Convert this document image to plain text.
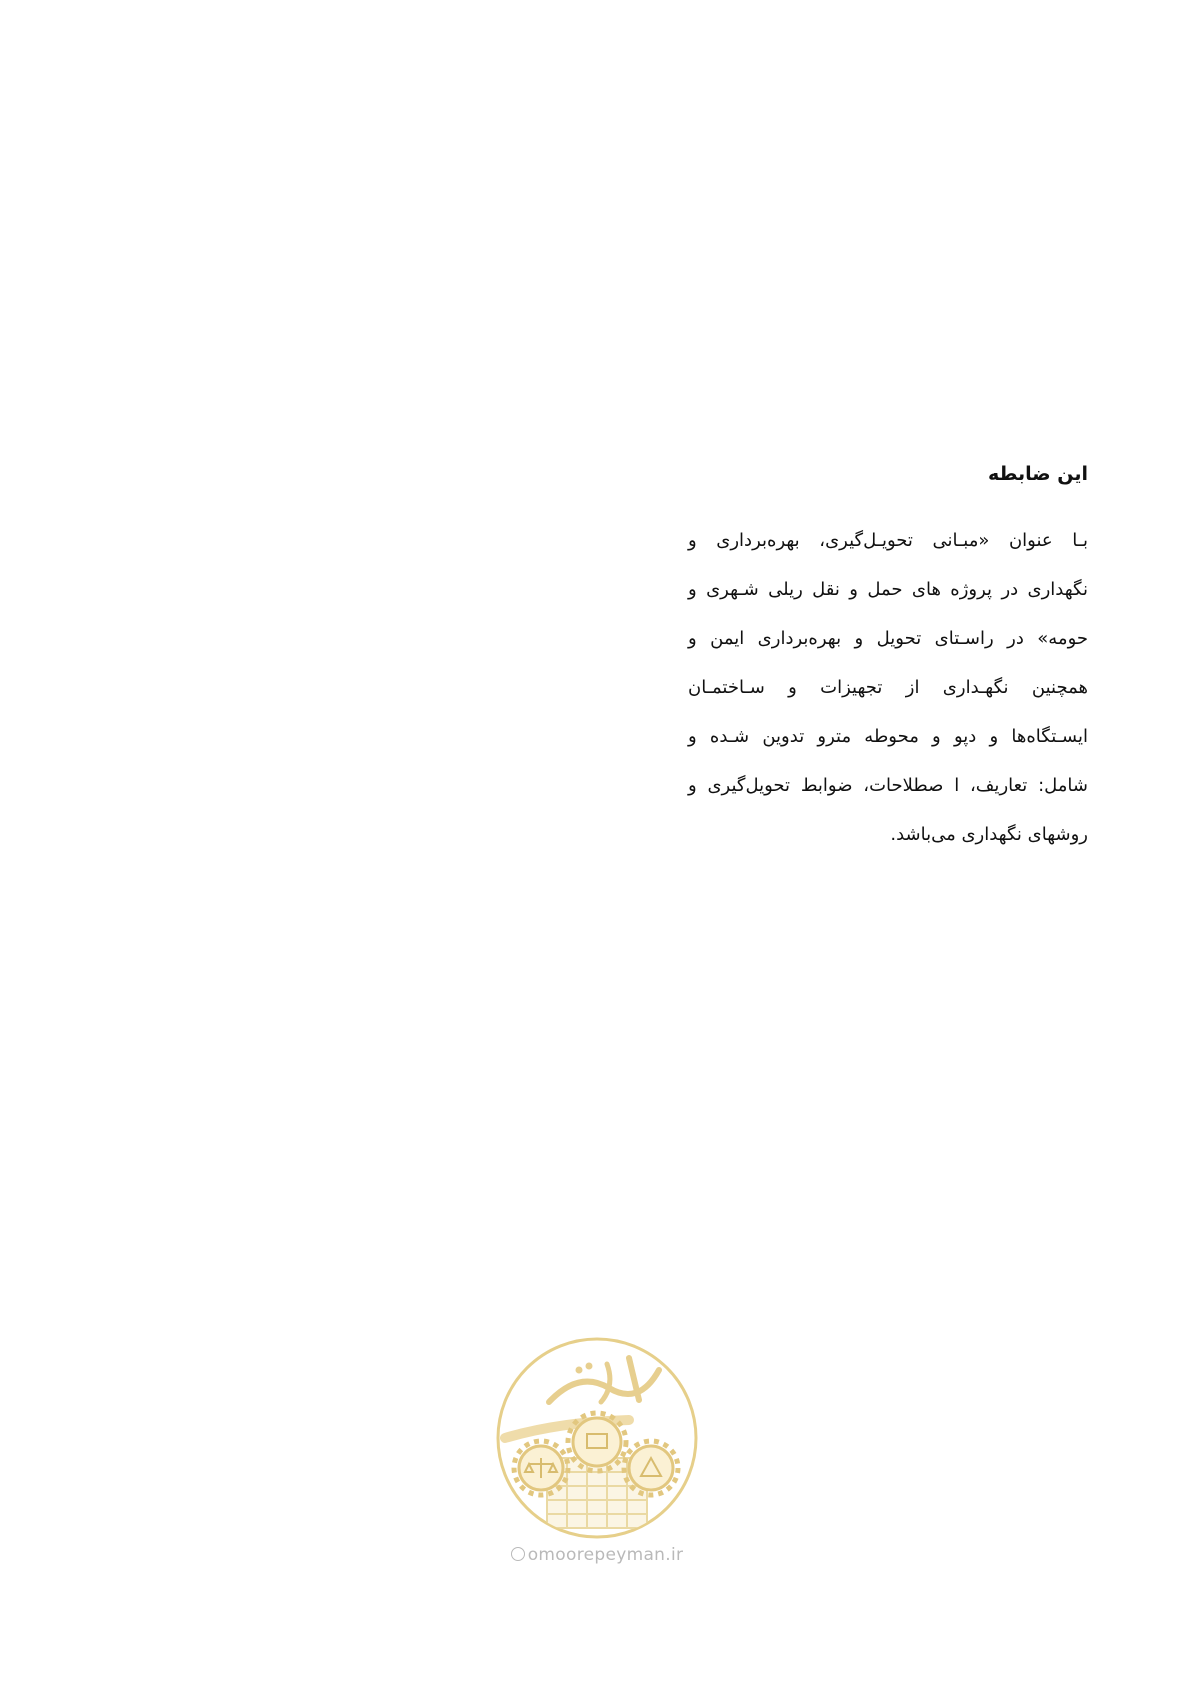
این ضابطه
بـا عنوان «مبـانی تحویـل‌گیری، بهره‌برداری و
نگهداری در پروژه های حمل و نقل ریلی شـهری و
حومه» در راسـتای تحویل و بهره‌برداری ایمن و
همچنین نگهـداری از تجهیزات و سـاختمـان
ایسـتگاه‌ها و دپو و محوطه مترو تدوین شـده و
شامل: تعاریف، ا صطلاحات، ضوابط تحویل‌گیری و
روشهای نگهداری می‌باشد.
omoorepeyman.ir
